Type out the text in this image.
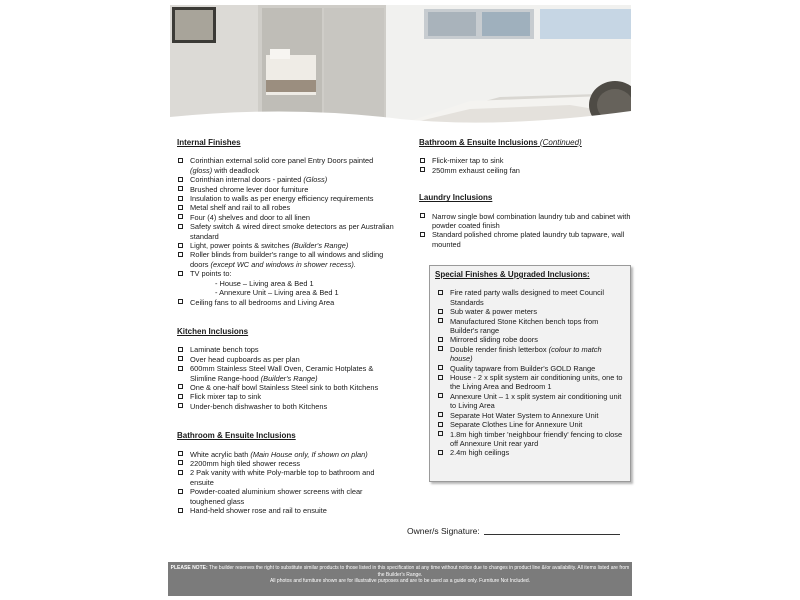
Internal Finishes
Corinthian external solid core panel Entry Doors painted (gloss) with deadlock
Corinthian internal doors - painted (Gloss)
Brushed chrome lever door furniture
Insulation to walls as per energy efficiency requirements
Metal shelf and rail to all robes
Four (4) shelves and door to all linen
Safety switch & wired direct smoke detectors as per Australian standard
Light, power points & switches (Builder's Range)
Roller blinds from builder's range to all windows and sliding doors (except WC and windows in shower recess).
TV points to:
- House – Living area & Bed 1
- Annexure Unit – Living area & Bed 1
Ceiling fans to all bedrooms and Living Area
Kitchen Inclusions
Laminate bench tops
Over head cupboards as per plan
600mm Stainless Steel Wall Oven, Ceramic Hotplates & Slimline Range-hood (Builder's Range)
One & one-half bowl Stainless Steel sink to both Kitchens
Flick mixer tap to sink
Under-bench dishwasher to both Kitchens
Bathroom & Ensuite Inclusions
White acrylic bath (Main House only, If shown on plan)
2200mm high tiled shower recess
2 Pak vanity with white Poly-marble top to bathroom and ensuite
Powder-coated aluminium shower screens with clear toughened glass
Hand-held shower rose and rail to ensuite
Bathroom & Ensuite Inclusions (Continued)
Flick-mixer tap to sink
250mm exhaust ceiling fan
Laundry Inclusions
Narrow single bowl combination laundry tub and cabinet with powder coated finish
Standard polished chrome plated laundry tub tapware, wall mounted
Special Finishes & Upgraded Inclusions:
Fire rated party walls designed to meet Council Standards
Sub water & power meters
Manufactured Stone Kitchen bench tops from Builder's range
Mirrored sliding robe doors
Double render finish letterbox (colour to match house)
Quality tapware from Builder's GOLD Range
House - 2 x split system air conditioning units, one to the Living Area and Bedroom 1
Annexure Unit – 1 x split system air conditioning unit to Living Area
Separate Hot Water System to Annexure Unit
Separate Clothes Line for Annexure Unit
1.8m high timber 'neighbour friendly' fencing to close off Annexure Unit rear yard
2.4m high ceilings
Owner/s Signature:
PLEASE NOTE: The builder reserves the right to substitute similar products to those listed in this specification at any time without notice due to changes in product line &/or availability. All items listed are from the Builder's Range.
All photos and furniture shown are for illustrative purposes and are to be used as a guide only. Furniture Not Included.
